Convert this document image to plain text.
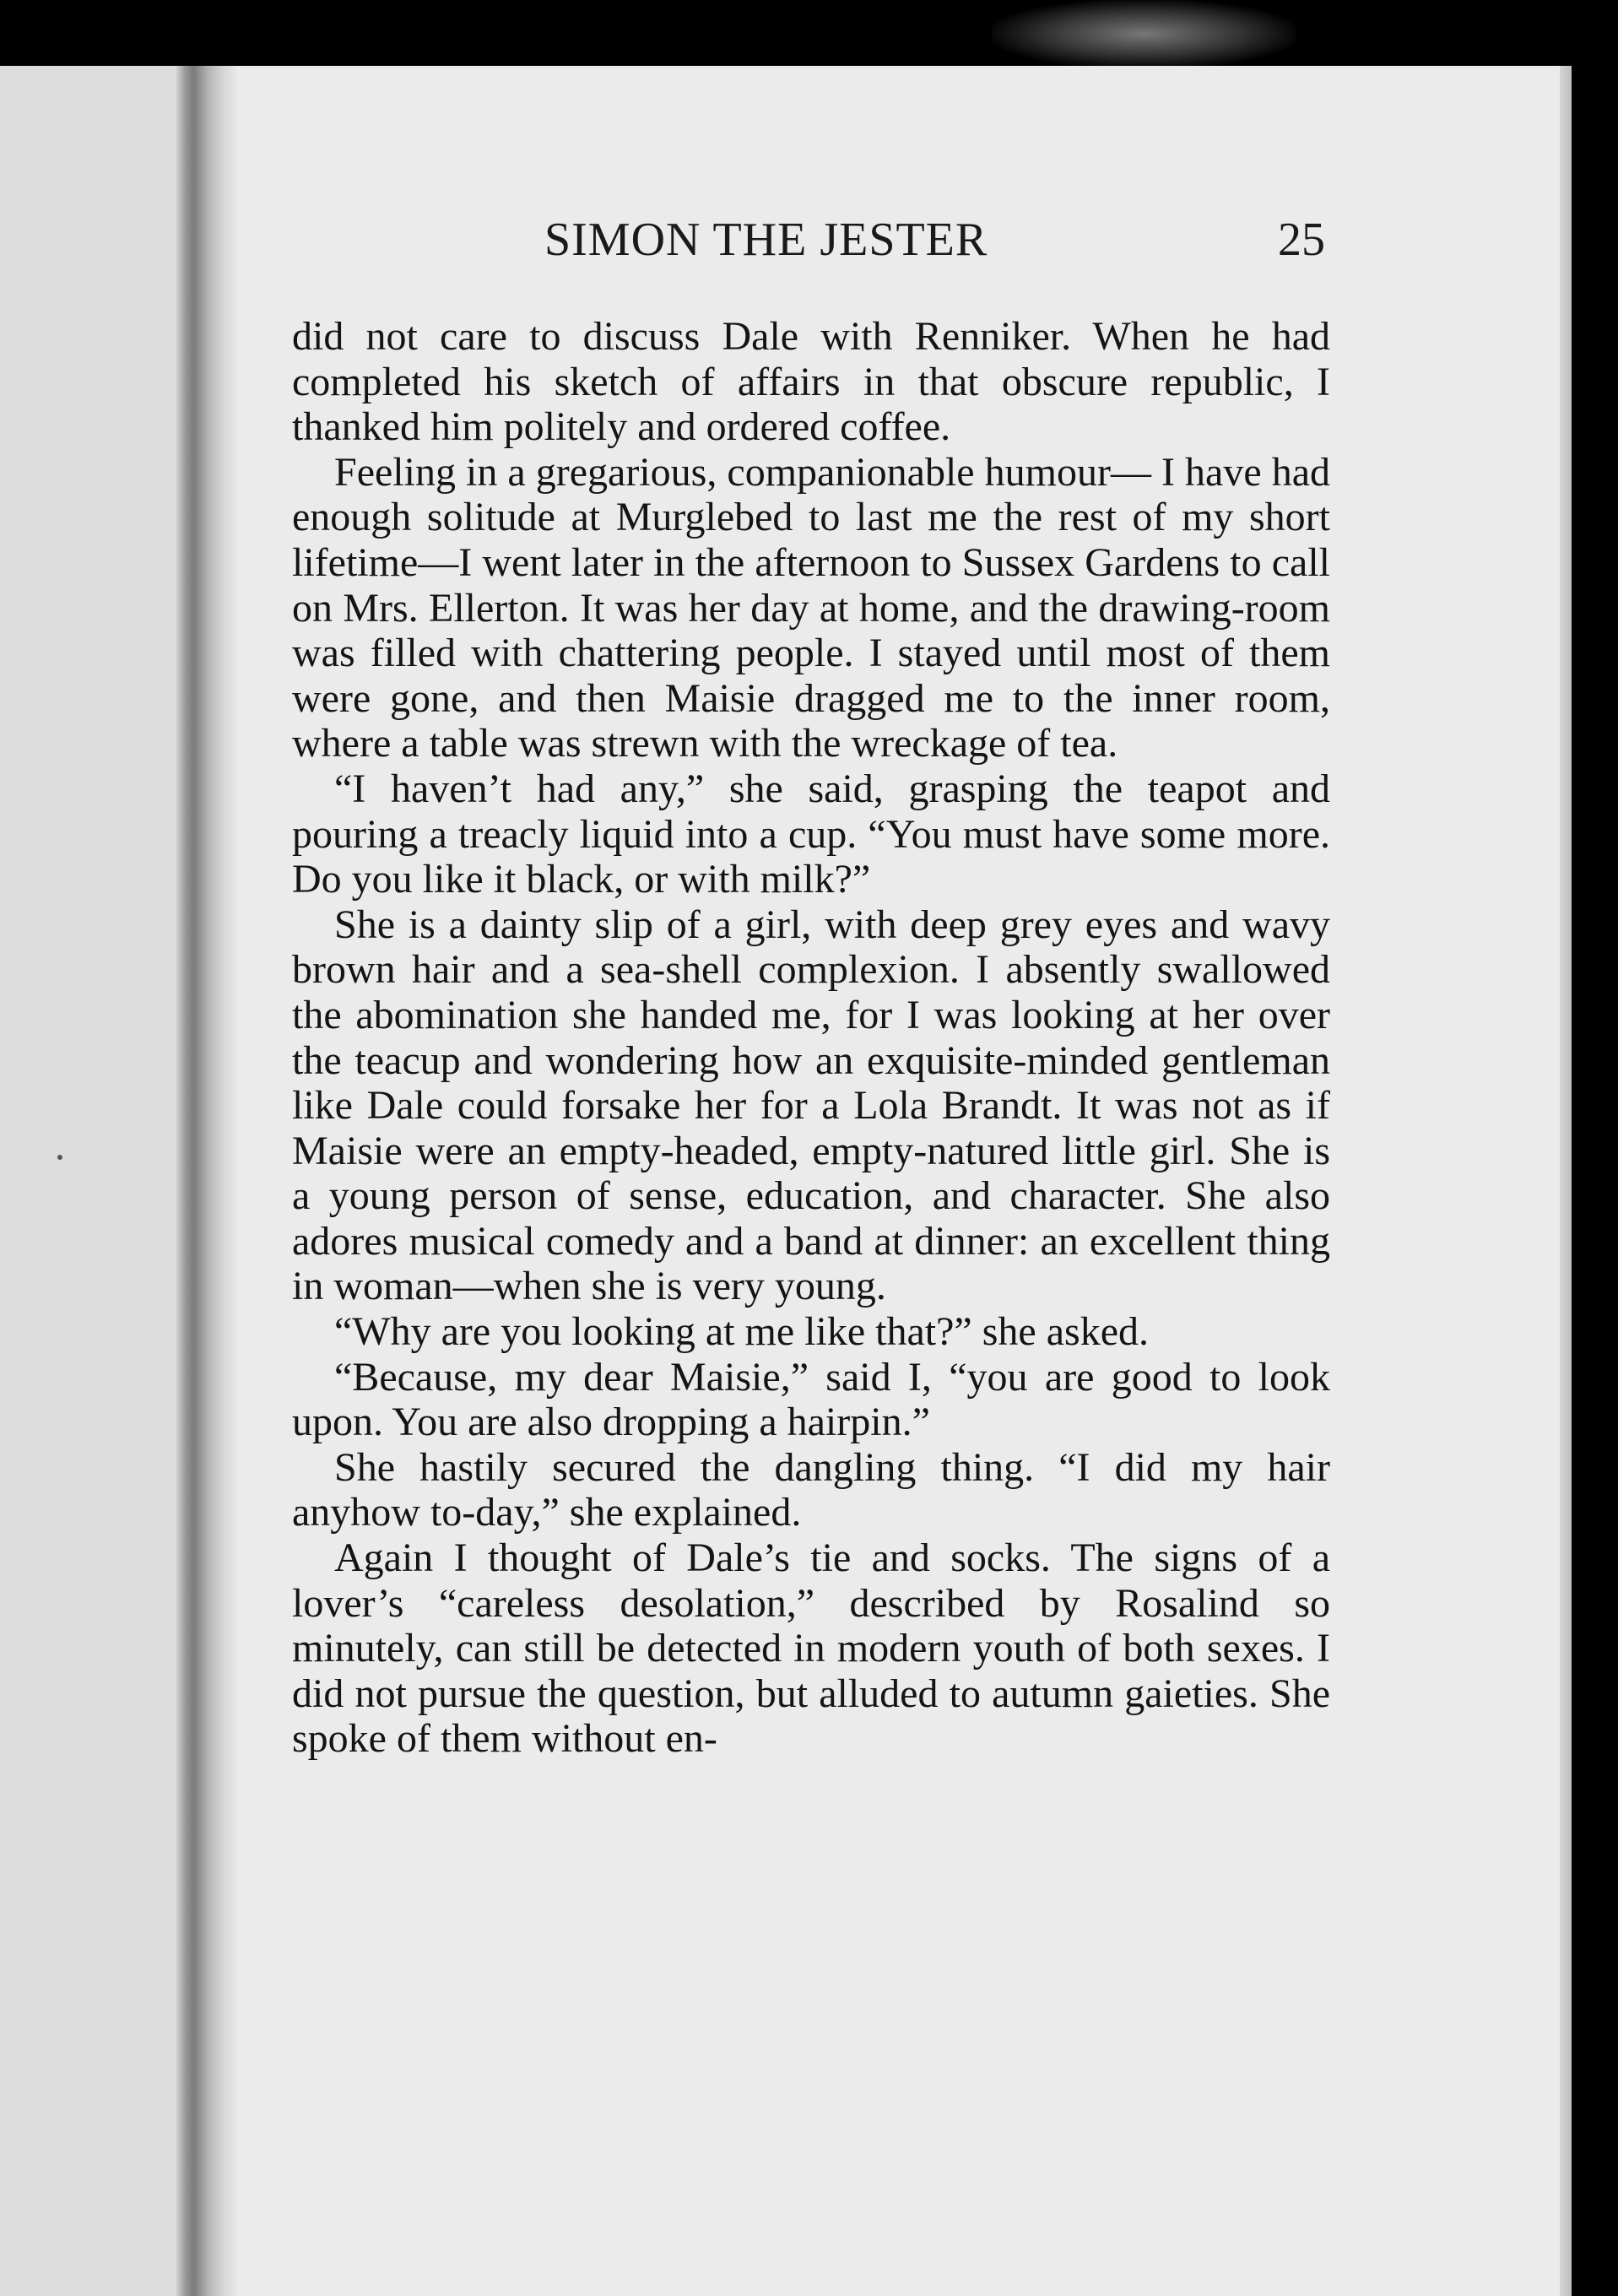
SIMON THE JESTER	25

did not care to discuss Dale with Renniker. When he had completed his sketch of affairs in that obscure republic, I thanked him politely and ordered coffee.

Feeling in a gregarious, companionable humour— I have had enough solitude at Murglebed to last me the rest of my short lifetime—I went later in the afternoon to Sussex Gardens to call on Mrs. Ellerton. It was her day at home, and the drawing-room was filled with chattering people. I stayed until most of them were gone, and then Maisie dragged me to the inner room, where a table was strewn with the wreckage of tea.

“I haven’t had any,” she said, grasping the teapot and pouring a treacly liquid into a cup. “You must have some more. Do you like it black, or with milk?”

She is a dainty slip of a girl, with deep grey eyes and wavy brown hair and a sea-shell complexion. I absently swallowed the abomination she handed me, for I was looking at her over the teacup and wondering how an exquisite-minded gentleman like Dale could forsake her for a Lola Brandt. It was not as if Maisie were an empty-headed, empty-natured little girl. She is a young person of sense, education, and character. She also adores musical comedy and a band at dinner: an excellent thing in woman—when she is very young.

“Why are you looking at me like that?” she asked.

“Because, my dear Maisie,” said I, “you are good to look upon. You are also dropping a hairpin.”

She hastily secured the dangling thing. “I did my hair anyhow to-day,” she explained.

Again I thought of Dale’s tie and socks. The signs of a lover’s “careless desolation,” described by Rosalind so minutely, can still be detected in modern youth of both sexes. I did not pursue the question, but alluded to autumn gaieties. She spoke of them without en-
